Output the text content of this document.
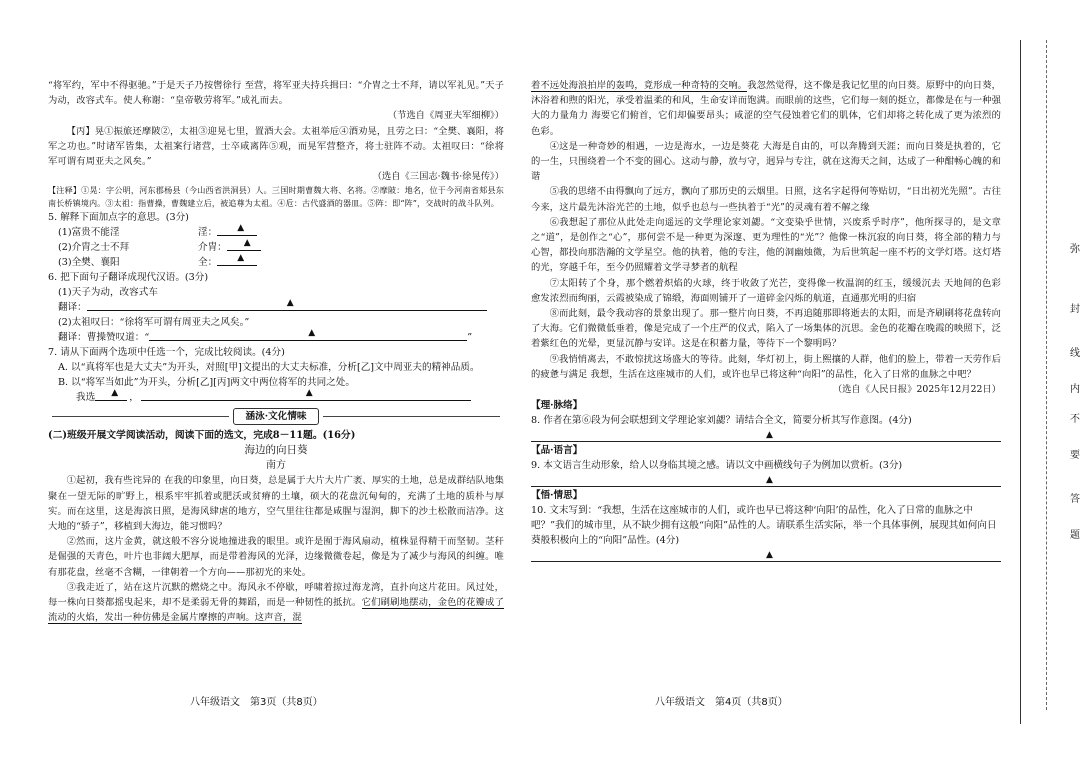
“将军约，军中不得驱驰。”于是天子乃按辔徐行 至营，将军亚夫持兵揖曰：“介胄之士不拜，请以军礼见。”天子为动，改容式车。使人称谢：“皇帝敬劳将军。”成礼而去。

（节选自《周亚夫军细柳》）

【丙】晃①振旅还摩陂②，太祖③迎晃七里，置酒大会。太祖举卮④酒劝晃，且劳之曰：“全樊、襄阳，将军之功也。”时诸军皆集，太祖案行诸营，士卒咸离阵⑤观，而晃军营整齐，将士驻阵不动。太祖叹曰：“徐将军可谓有周亚夫之风矣。”

（选自《三国志·魏书·徐晃传》）

【注释】①晃：字公明，河东郡杨县（今山西省洪洞县）人。三国时期曹魏大将、名将。②摩陂：地名，位于今河南省郏县东南长桥镇境内。③太祖：指曹操，曹魏建立后，被追尊为太祖。④卮：古代盛酒的器皿。⑤阵：即“阵”，交战时的战斗队列。

5. 解释下面加点字的意思。(3分)

(1)富贵不能淫	淫： ▲
(2)介胄之士不拜	介胄： ▲
(3)全樊、襄阳	全： ▲

6. 把下面句子翻译成现代汉语。(3分)

(1)天子为动，改容式车

翻译：	▲

(2)太祖叹曰：“徐将军可谓有周亚夫之风矣。”

翻译：曹操赞叹道：“	▲	”

7. 请从下面两个选项中任选一个，完成比较阅读。(4分)

A. 以“真将军也是大丈夫”为开头，对照[甲]文提出的大丈夫标准，分析[乙]文中周亚夫的精神品质。

B. 以“将军当如此”为开头，分析[乙][丙]两文中两位将军的共同之处。

我选 ▲ ，	▲
涵泳·文化情味

(二)班级开展文学阅读活动，阅读下面的选文，完成8－11题。(16分)

海边的向日葵

南方

①起初，我有些诧异的 在我的印象里，向日葵，总是属于大片大片广袤、厚实的土地，总是成群结队地集聚在一望无际的旷野上，根系牢牢抓着或肥沃或贫瘠的土壤，硕大的花盘沉甸甸的，充满了土地的质朴与厚实。而在这里，这是海滨日照，是海风肆虐的地方，空气里往往都是咸腥与湿润，脚下的沙土松散而洁净。这大地的“骄子”，移植到大海边，能习惯吗？

②然而，这片金黄，就这般不容分说地撞进我的眼里。或许是囿于海风扇动，植株显得精干而坚韧。茎秆是倔强的天青色，叶片也非阔大肥厚，而是带着海风的光泽，边缘微微卷起，像是为了减少与海风的纠缠。唯有那花盘，丝毫不含糊，一律朝着一个方向——那初光的来处。

③我走近了，站在这片沉默的燃烧之中。海风永不停歇，呼啸着掠过海龙湾，直扑向这片花田。风过处，每一株向日葵都摇曳起来，却不是柔弱无骨的舞蹈，而是一种韧性的抵抗。它们刷刷地摆动，金色的花瓣成了流动的火焰，发出一种仿佛是金属片摩擦的声响。这声音，混

八年级语文　第3页（共8页）

着不远处海浪拍岸的轰鸣，竟形成一种奇特的交响。我忽然觉得，这不像是我记忆里的向日葵。原野中的向日葵，沐浴着和煦的阳光，承受着温柔的和风，生命安详而饱满。而眼前的这些，它们每一刻的挺立，都像是在与一种强大的力量角力 海要它们俯首，它们却偏要昂头；咸涩的空气侵蚀着它们的肌体，它们却将之转化成了更为浓烈的色彩。

④这是一种奇妙的相遇，一边是海水，一边是葵花 大海是自由的，可以奔腾到天涯；而向日葵是执着的，它的一生，只围绕着一个不变的圆心。这动与静，放与守，迥异与专注，就在这海天之间，达成了一种酣畅心魄的和谐

⑤我的思绪不由得飘向了远方，飘向了那历史的云烟里。日照，这名字起得何等贴切，“日出初光先照”。古往今来，这片最先沐浴光芒的土地，似乎也总与一些执着于“光”的灵魂有着不解之缘

⑥我想起了那位从此处走向遥远的文学理论家刘勰。“文变染乎世情，兴废系乎时序”，他所探寻的，是文章之“道”，是创作之“心”，那何尝不是一种更为深邃、更为理性的“光”？他像一株沉寂的向日葵，将全部的精力与心智，都投向那浩瀚的文学星空。他的执着，他的专注，他的洞幽烛微，为后世筑起一座不朽的文学灯塔。这灯塔的光，穿越千年，至今仍照耀着文学寻梦者的航程

⑦太阳转了个身，那个燃着炽焰的火球，终于收敛了光芒，变得像一枚温润的红玉，缓缓沉去 天地间的色彩愈发浓烈而绚丽，云霞被染成了锦缎，海面则铺开了一道碎金闪烁的航道，直通那光明的归宿

⑧而此刻，最令我动容的景象出现了。那一整片向日葵，不再追随那即将逝去的太阳，而是齐刷刷将花盘转向了大海。它们微微低垂着，像是完成了一个庄严的仪式，陷入了一场集体的沉思。金色的花瓣在晚霞的映照下，泛着紫红色的光晕，更显沉静与安详。这是在积蓄力量，等待下一个黎明吗？

⑨我悄悄离去，不敢惊扰这场盛大的等待。此刻，华灯初上，街上熙攘的人群，他们的脸上，带着一天劳作后的疲惫与满足 我想，生活在这座城市的人们，或许也早已将这种“向阳”的品性，化入了日常的血脉之中吧？

（选自《人民日报》2025年12月22日）

【理·脉络】

8. 作者在第⑥段为何会联想到文学理论家刘勰？请结合全文，简要分析其写作意图。(4分)

▲

【品·语言】

9. 本文语言生动形象，给人以身临其境之感。请以文中画横线句子为例加以赏析。(3分)

▲

【悟·情思】

10. 文末写到：“我想，生活在这座城市的人们，或许也早已将这种‘向阳’的品性，化入了日常的血脉之中吧？”我们的城市里，从不缺少拥有这般“向阳”品性的人。请联系生活实际，举一个具体事例，展现其如何向日葵般积极向上的“向阳”品性。(4分)

▲
八年级语文　第4页（共8页）
弥
封
线
内
不
要
答
题
